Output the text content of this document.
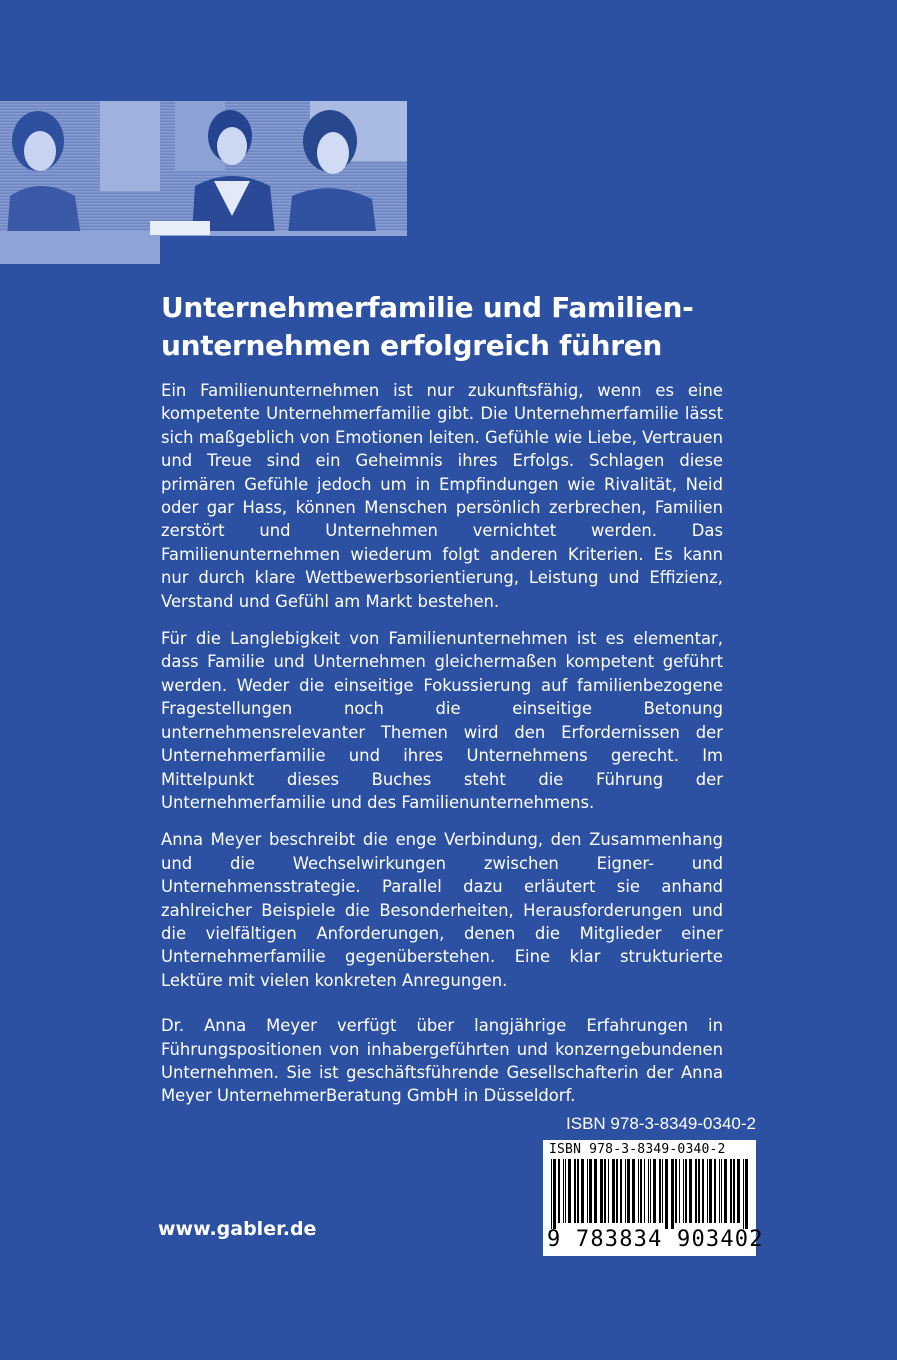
Unternehmerfamilie und Familien-
unternehmen erfolgreich führen

Ein Familienunternehmen ist nur zukunftsfähig, wenn es eine kompetente Unternehmerfamilie gibt. Die Unternehmerfamilie lässt sich maßgeblich von Emotionen leiten. Gefühle wie Liebe, Vertrauen und Treue sind ein Geheimnis ihres Erfolgs. Schlagen diese primären Gefühle jedoch um in Empfindungen wie Rivalität, Neid oder gar Hass, können Menschen persönlich zerbrechen, Familien zerstört und Unternehmen vernichtet werden. Das Familienunternehmen wiederum folgt anderen Kriterien. Es kann nur durch klare Wettbewerbsorientierung, Leistung und Effizienz, Verstand und Gefühl am Markt bestehen.

Für die Langlebigkeit von Familienunternehmen ist es elementar, dass Familie und Unternehmen gleichermaßen kompetent geführt werden. Weder die einseitige Fokussierung auf familienbezogene Fragestellungen noch die einseitige Betonung unternehmensrelevanter Themen wird den Erfordernissen der Unternehmerfamilie und ihres Unternehmens gerecht. Im Mittelpunkt dieses Buches steht die Führung der Unternehmerfamilie und des Familienunternehmens.

Anna Meyer beschreibt die enge Verbindung, den Zusammenhang und die Wechselwirkungen zwischen Eigner- und Unternehmensstrategie. Parallel dazu erläutert sie anhand zahlreicher Beispiele die Besonderheiten, Herausforderungen und die vielfältigen Anforderungen, denen die Mitglieder einer Unternehmerfamilie gegenüberstehen. Eine klar strukturierte Lektüre mit vielen konkreten Anregungen.

Dr. Anna Meyer verfügt über langjährige Erfahrungen in Führungspositionen von inhabergeführten und konzerngebundenen Unternehmen. Sie ist geschäftsführende Gesellschafterin der Anna Meyer UnternehmerBeratung GmbH in Düsseldorf.

ISBN 978-3-8349-0340-2
ISBN 978-3-8349-0340-2
9 783834 903402
www.gabler.de
